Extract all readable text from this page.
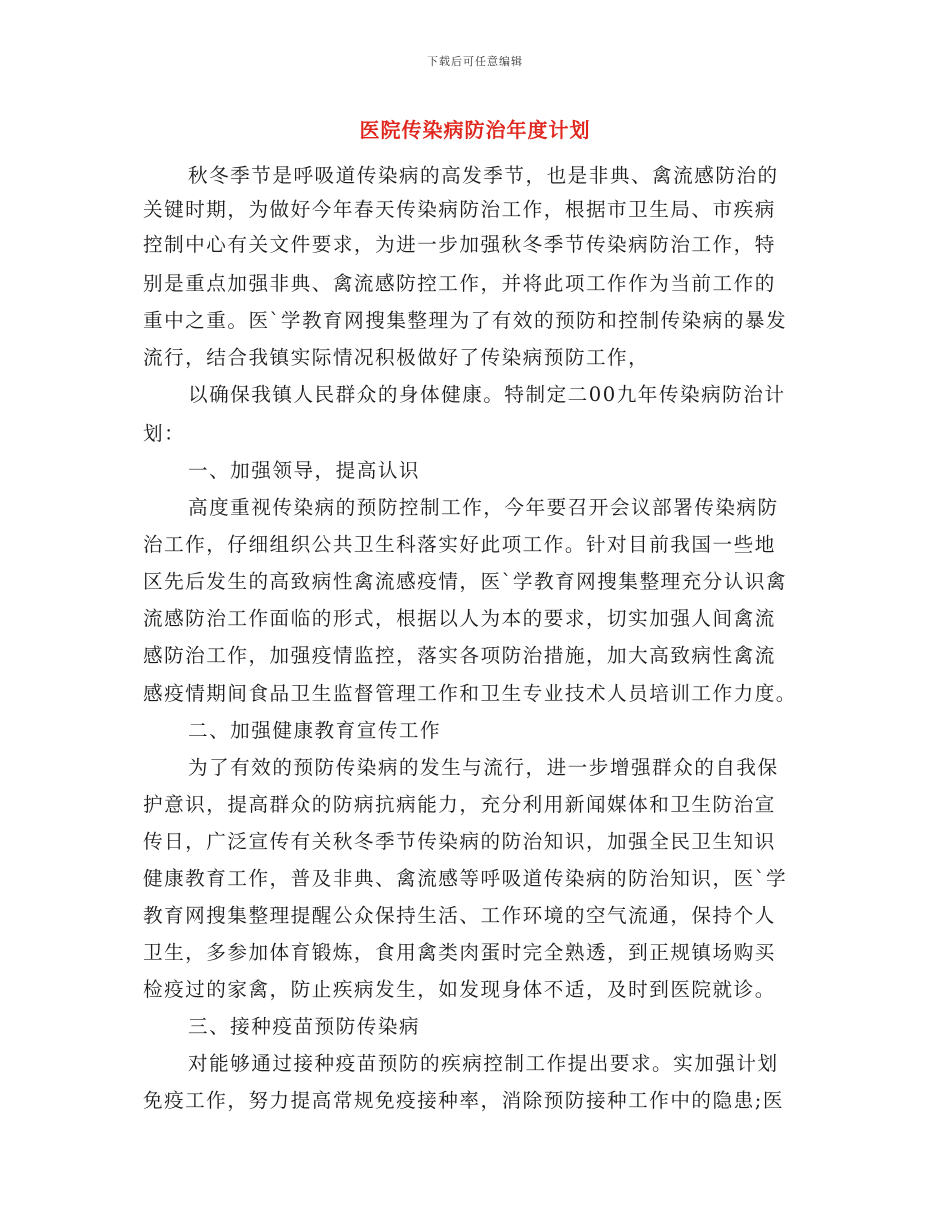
下载后可任意编辑
医院传染病防治年度计划
秋冬季节是呼吸道传染病的高发季节，也是非典、禽流感防治的
关键时期，为做好今年春天传染病防治工作，根据市卫生局、市疾病
控制中心有关文件要求，为进一步加强秋冬季节传染病防治工作，特
别是重点加强非典、禽流感防控工作，并将此项工作作为当前工作的
重中之重。医`学教育网搜集整理为了有效的预防和控制传染病的暴发
流行，结合我镇实际情况积极做好了传染病预防工作，
以确保我镇人民群众的身体健康。特制定二00九年传染病防治计
划：
一、加强领导，提高认识
高度重视传染病的预防控制工作，今年要召开会议部署传染病防
治工作，仔细组织公共卫生科落实好此项工作。针对目前我国一些地
区先后发生的高致病性禽流感疫情，医`学教育网搜集整理充分认识禽
流感防治工作面临的形式，根据以人为本的要求，切实加强人间禽流
感防治工作，加强疫情监控，落实各项防治措施，加大高致病性禽流
感疫情期间食品卫生监督管理工作和卫生专业技术人员培训工作力度。
二、加强健康教育宣传工作
为了有效的预防传染病的发生与流行，进一步增强群众的自我保
护意识，提高群众的防病抗病能力，充分利用新闻媒体和卫生防治宣
传日，广泛宣传有关秋冬季节传染病的防治知识，加强全民卫生知识
健康教育工作，普及非典、禽流感等呼吸道传染病的防治知识，医`学
教育网搜集整理提醒公众保持生活、工作环境的空气流通，保持个人
卫生，多参加体育锻炼，食用禽类肉蛋时完全熟透，到正规镇场购买
检疫过的家禽，防止疾病发生，如发现身体不适，及时到医院就诊。
三、接种疫苗预防传染病
对能够通过接种疫苗预防的疾病控制工作提出要求。实加强计划
免疫工作，努力提高常规免疫接种率，消除预防接种工作中的隐患;医
